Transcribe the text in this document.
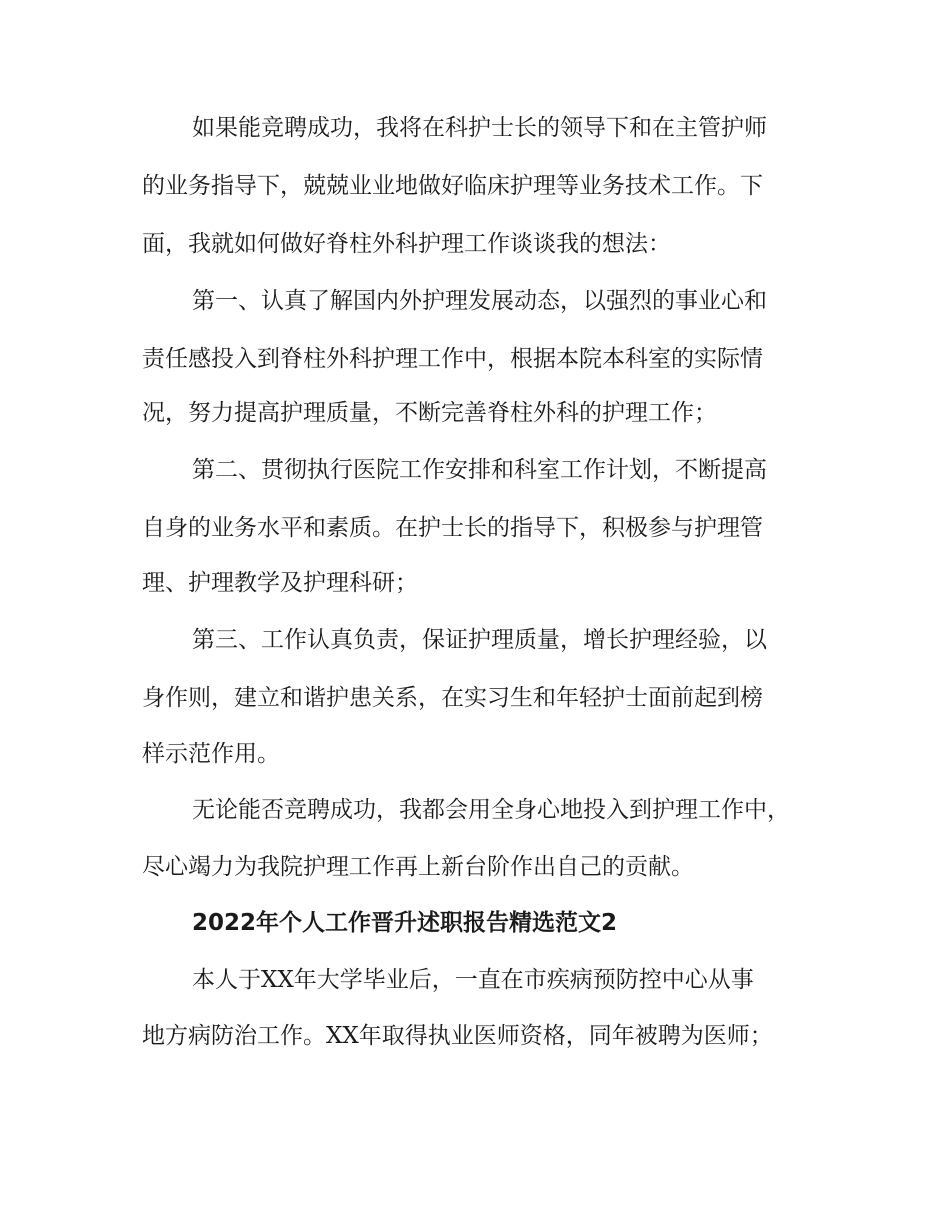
如果能竞聘成功，我将在科护士长的领导下和在主管护师
的业务指导下，兢兢业业地做好临床护理等业务技术工作。下
面，我就如何做好脊柱外科护理工作谈谈我的想法：
第一、认真了解国内外护理发展动态，以强烈的事业心和
责任感投入到脊柱外科护理工作中，根据本院本科室的实际情
况，努力提高护理质量，不断完善脊柱外科的护理工作；
第二、贯彻执行医院工作安排和科室工作计划，不断提高
自身的业务水平和素质。在护士长的指导下，积极参与护理管
理、护理教学及护理科研；
第三、工作认真负责，保证护理质量，增长护理经验，以
身作则，建立和谐护患关系，在实习生和年轻护士面前起到榜
样示范作用。
无论能否竞聘成功，我都会用全身心地投入到护理工作中，
尽心竭力为我院护理工作再上新台阶作出自己的贡献。
2022年个人工作晋升述职报告精选范文2
本人于XX年大学毕业后，一直在市疾病预防控中心从事
地方病防治工作。XX年取得执业医师资格，同年被聘为医师；
